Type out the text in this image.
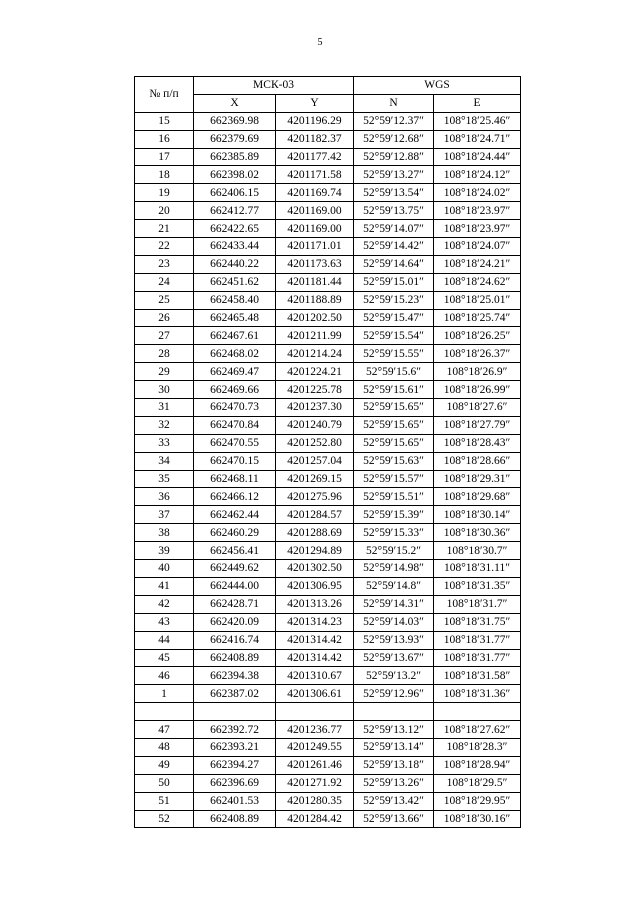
5
№ п/п	МСК-03		WGS	
	X	Y	N	E
15	662369.98	4201196.29	52°59′12.37″	108°18′25.46″
16	662379.69	4201182.37	52°59′12.68″	108°18′24.71″
17	662385.89	4201177.42	52°59′12.88″	108°18′24.44″
18	662398.02	4201171.58	52°59′13.27″	108°18′24.12″
19	662406.15	4201169.74	52°59′13.54″	108°18′24.02″
20	662412.77	4201169.00	52°59′13.75″	108°18′23.97″
21	662422.65	4201169.00	52°59′14.07″	108°18′23.97″
22	662433.44	4201171.01	52°59′14.42″	108°18′24.07″
23	662440.22	4201173.63	52°59′14.64″	108°18′24.21″
24	662451.62	4201181.44	52°59′15.01″	108°18′24.62″
25	662458.40	4201188.89	52°59′15.23″	108°18′25.01″
26	662465.48	4201202.50	52°59′15.47″	108°18′25.74″
27	662467.61	4201211.99	52°59′15.54″	108°18′26.25″
28	662468.02	4201214.24	52°59′15.55″	108°18′26.37″
29	662469.47	4201224.21	52°59′15.6″	108°18′26.9″
30	662469.66	4201225.78	52°59′15.61″	108°18′26.99″
31	662470.73	4201237.30	52°59′15.65″	108°18′27.6″
32	662470.84	4201240.79	52°59′15.65″	108°18′27.79″
33	662470.55	4201252.80	52°59′15.65″	108°18′28.43″
34	662470.15	4201257.04	52°59′15.63″	108°18′28.66″
35	662468.11	4201269.15	52°59′15.57″	108°18′29.31″
36	662466.12	4201275.96	52°59′15.51″	108°18′29.68″
37	662462.44	4201284.57	52°59′15.39″	108°18′30.14″
38	662460.29	4201288.69	52°59′15.33″	108°18′30.36″
39	662456.41	4201294.89	52°59′15.2″	108°18′30.7″
40	662449.62	4201302.50	52°59′14.98″	108°18′31.11″
41	662444.00	4201306.95	52°59′14.8″	108°18′31.35″
42	662428.71	4201313.26	52°59′14.31″	108°18′31.7″
43	662420.09	4201314.23	52°59′14.03″	108°18′31.75″
44	662416.74	4201314.42	52°59′13.93″	108°18′31.77″
45	662408.89	4201314.42	52°59′13.67″	108°18′31.77″
46	662394.38	4201310.67	52°59′13.2″	108°18′31.58″
1	662387.02	4201306.61	52°59′12.96″	108°18′31.36″

47	662392.72	4201236.77	52°59′13.12″	108°18′27.62″
48	662393.21	4201249.55	52°59′13.14″	108°18′28.3″
49	662394.27	4201261.46	52°59′13.18″	108°18′28.94″
50	662396.69	4201271.92	52°59′13.26″	108°18′29.5″
51	662401.53	4201280.35	52°59′13.42″	108°18′29.95″
52	662408.89	4201284.42	52°59′13.66″	108°18′30.16″
